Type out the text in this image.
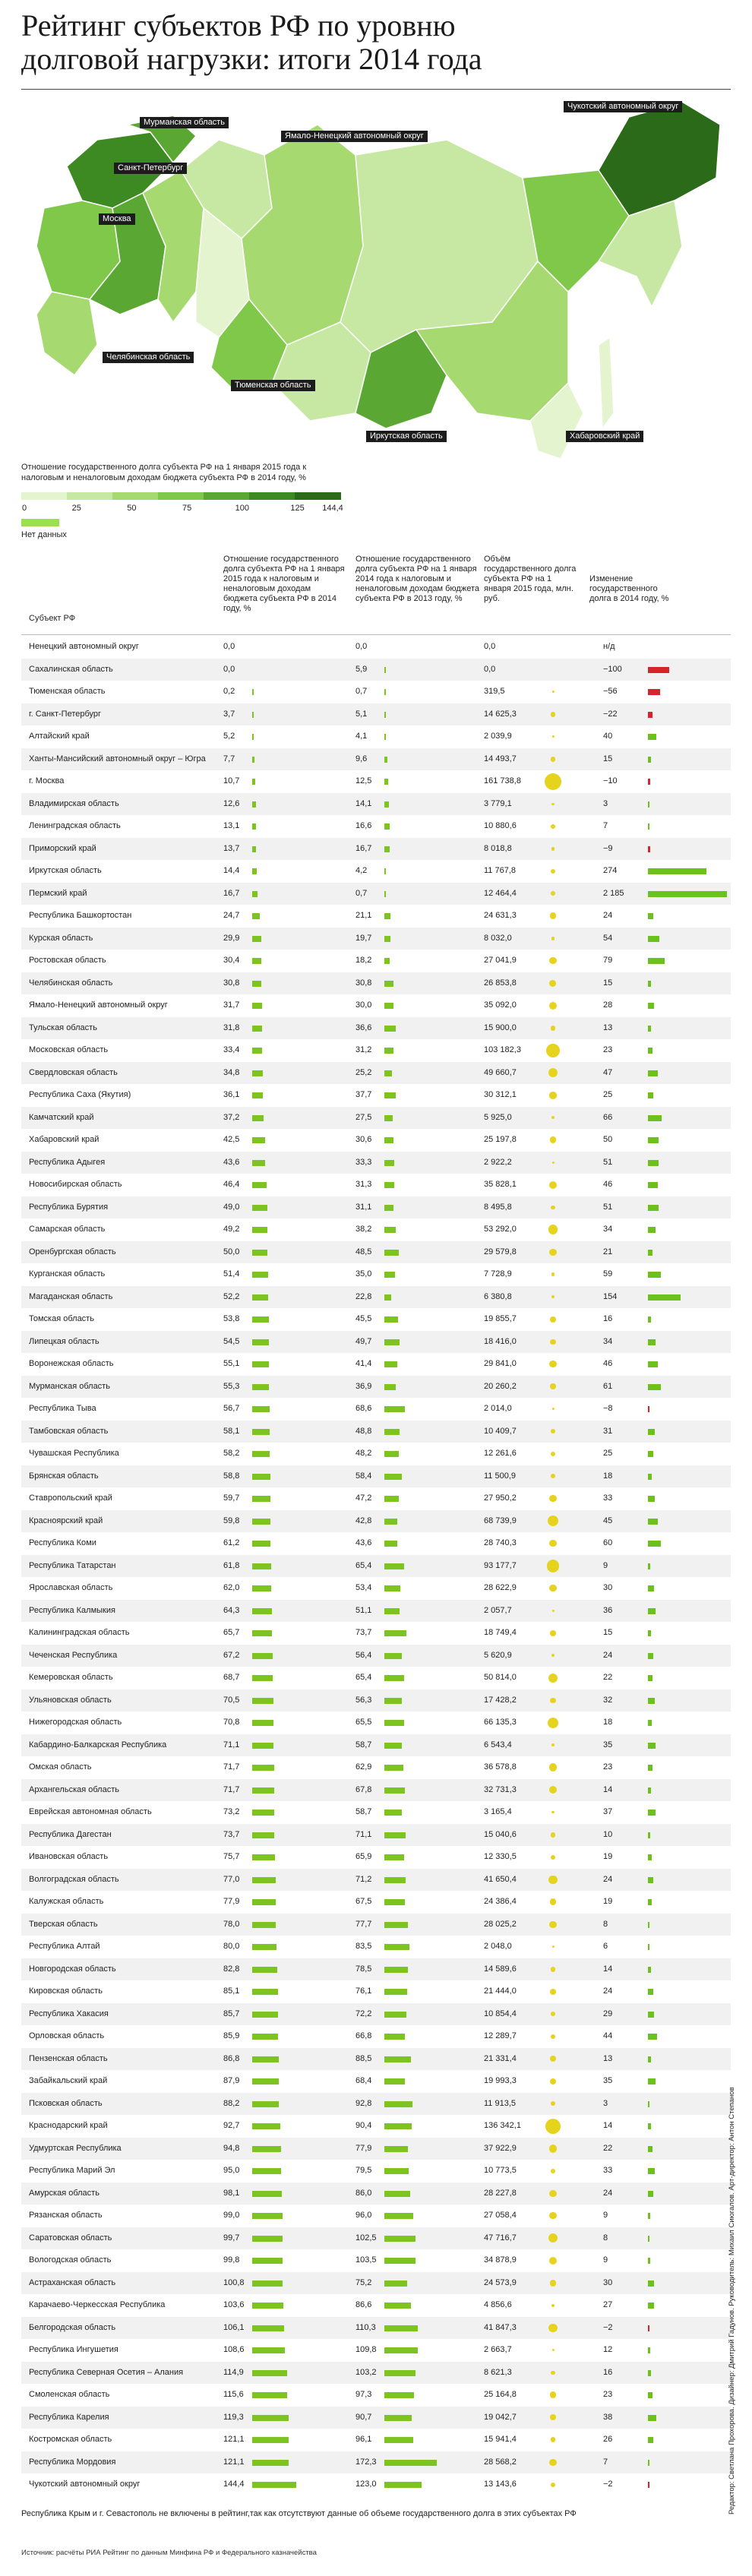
Рейтинг субъектов РФ по уровню
долговой нагрузки: итоги 2014 года
Мурманская область
Санкт-Петербург
Москва
Ямало-Ненецкий автономный округ
Чукотский автономный округ
Челябинская область
Тюменская область
Иркутская область	Хабаровский край
Отношение государственного долга субъекта РФ на 1 января 2015 года к налоговым и неналоговым доходам бюджета субъекта РФ в 2014 году, %
0	25	50	75	100	125 144,4
Нет данных
Субъект РФ
Отношение государственного долга субъекта РФ на 1 января 2015 года к налоговым и неналоговым доходам бюджета субъекта РФ в 2014 году, %
Отношение государственного долга субъекта РФ на 1 января 2014 года к налоговым и неналоговым доходам бюджета субъекта РФ в 2013 году, %
Объём государственного долга субъекта РФ на 1 января 2015 года, млн. руб.
Изменение государственного долга в 2014 году, %
Ненецкий автономный округ	0,0	0,0	0,0	н/д
Сахалинская область	0,0	5,9	0,0	−100
Тюменская область	0,2	0,7	319,5	−56
г. Санкт-Петербург	3,7	5,1	14 625,3	−22
Алтайский край	5,2	4,1	2 039,9	40
Ханты-Мансийский автономный округ – Югра 7,7	9,6	14 493,7	15
г. Москва	10,7	12,5	161 738,8	−10
Владимирская область	12,6	14,1	3 779,1	3
Ленинградская область	13,1	16,6	10 880,6	7
Приморский край	13,7	16,7	8 018,8	−9
Иркутская область	14,4	4,2	11 767,8	274
Пермский край	16,7	0,7	12 464,4	2 185
Республика Башкортостан	24,7	21,1	24 631,3	24
Курская область	29,9	19,7	8 032,0	54
Ростовская область	30,4	18,2	27 041,9	79
Челябинская область	30,8	30,8	26 853,8	15
Ямало-Ненецкий автономный округ	31,7	30,0	35 092,0	28
Тульская область	31,8	36,6	15 900,0	13
Московская область	33,4	31,2	103 182,3	23
Свердловская область	34,8	25,2	49 660,7	47
Республика Саха (Якутия)	36,1	37,7	30 312,1	25
Камчатский край	37,2	27,5	5 925,0	66
Хабаровский край	42,5	30,6	25 197,8	50
Республика Адыгея	43,6	33,3	2 922,2	51
Новосибирская область	46,4	31,3	35 828,1	46
Республика Бурятия	49,0	31,1	8 495,8	51
Самарская область	49,2	38,2	53 292,0	34
Оренбургская область	50,0	48,5	29 579,8	21
Курганская область	51,4	35,0	7 728,9	59
Магаданская область	52,2	22,8	6 380,8	154
Томская область	53,8	45,5	19 855,7	16
Липецкая область	54,5	49,7	18 416,0	34
Воронежская область	55,1	41,4	29 841,0	46
Мурманская область	55,3	36,9	20 260,2	61
Республика Тыва	56,7	68,6	2 014,0	−8
Тамбовская область	58,1	48,8	10 409,7	31
Чувашская Республика	58,2	48,2	12 261,6	25
Брянская область	58,8	58,4	11 500,9	18
Ставропольский край	59,7	47,2	27 950,2	33
Красноярский край	59,8	42,8	68 739,9	45
Республика Коми	61,2	43,6	28 740,3	60
Республика Татарстан	61,8	65,4	93 177,7	9
Ярославская область	62,0	53,4	28 622,9	30
Республика Калмыкия	64,3	51,1	2 057,7	36
Калининградская область	65,7	73,7	18 749,4	15
Чеченская Республика	67,2	56,4	5 620,9	24
Кемеровская область	68,7	65,4	50 814,0	22
Ульяновская область	70,5	56,3	17 428,2	32
Нижегородская область	70,8	65,5	66 135,3	18
Кабардино-Балкарская Республика	71,1	58,7	6 543,4	35
Омская область	71,7	62,9	36 578,8	23
Архангельская область	71,7	67,8	32 731,3	14
Еврейская автономная область	73,2	58,7	3 165,4	37
Республика Дагестан	73,7	71,1	15 040,6	10
Ивановская область	75,7	65,9	12 330,5	19
Волгоградская область	77,0	71,2	41 650,4	24
Калужская область	77,9	67,5	24 386,4	19
Тверская область	78,0	77,7	28 025,2	8
Республика Алтай	80,0	83,5	2 048,0	6
Новгородская область	82,8	78,5	14 589,6	14
Кировская область	85,1	76,1	21 444,0	24
Республика Хакасия	85,7	72,2	10 854,4	29
Орловская область	85,9	66,8	12 289,7	44
Пензенская область	86,8	88,5	21 331,4	13
Забайкальский край	87,9	68,4	19 993,3	35
Псковская область	88,2	92,8	11 913,5	3
Краснодарский край	92,7	90,4	136 342,1	14
Удмуртская Республика	94,8	77,9	37 922,9	22
Республика Марий Эл	95,0	79,5	10 773,5	33
Амурская область	98,1	86,0	28 227,8	24
Рязанская область	99,0	96,0	27 058,4	9
Саратовская область	99,7	102,5	47 716,7	8
Вологодская область	99,8	103,5	34 878,9	9
Астраханская область	100,8	75,2	24 573,9	30
Карачаево-Черкесская Республика	103,6	86,6	4 856,6	27
Белгородская область	106,1	110,3	41 847,3	−2
Республика Ингушетия	108,6	109,8	2 663,7	12
Республика Северная Осетия – Алания	114,9	103,2	8 621,3	16
Смоленская область	115,6	97,3	25 164,8	23
Республика Карелия	119,3	90,7	19 042,7	38
Костромская область	121,1	96,1	15 941,4	26
Республика Мордовия	121,1	172,3	28 568,2	7
Чукотский автономный округ	144,4	123,0	13 143,6	−2
Республика Крым и г. Севастополь не включены в рейтинг,так как отсутствуют данные об объеме государственного долга в этих субъектах РФ
Источник: расчёты РИА Рейтинг по данным Минфина РФ и Федерального казначейства
Редактор: Светлана Прохорова. Дизайнер: Дмитрий Гадунов. Руководитель: Михаил Сиюгалов. Арт-директор: Антон Степанов
